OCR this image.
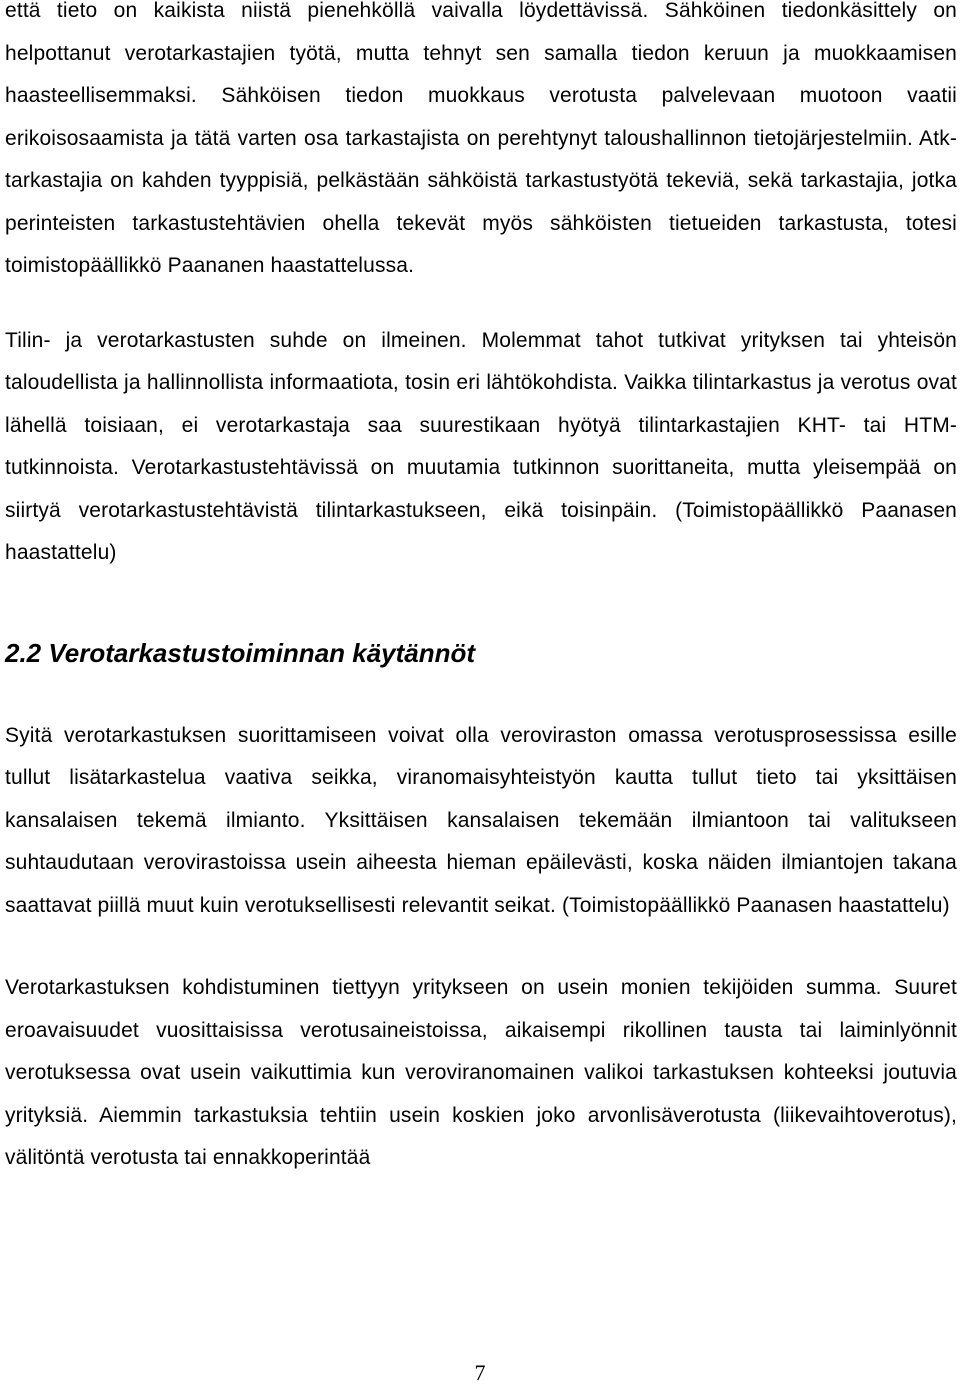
että tieto on kaikista niistä pienehköllä vaivalla löydettävissä. Sähköinen tiedonkäsittely on helpottanut verotarkastajien työtä, mutta tehnyt sen samalla tiedon keruun ja muokkaamisen haasteellisemmaksi. Sähköisen tiedon muokkaus verotusta palvelevaan muotoon vaatii erikoisosaamista ja tätä varten osa tarkastajista on perehtynyt taloushallinnon tietojärjestelmiin. Atk-tarkastajia on kahden tyyppisiä, pelkästään sähköistä tarkastustyötä tekeviä, sekä tarkastajia, jotka perinteisten tarkastustehtävien ohella tekevät myös sähköisten tietueiden tarkastusta, totesi toimistopäällikkö Paananen haastattelussa.

Tilin- ja verotarkastusten suhde on ilmeinen. Molemmat tahot tutkivat yrityksen tai yhteisön taloudellista ja hallinnollista informaatiota, tosin eri lähtökohdista. Vaikka tilintarkastus ja verotus ovat lähellä toisiaan, ei verotarkastaja saa suurestikaan hyötyä tilintarkastajien KHT- tai HTM- tutkinnoista. Verotarkastustehtävissä on muutamia tutkinnon suorittaneita, mutta yleisempää on siirtyä verotarkastustehtävistä tilintarkastukseen, eikä toisinpäin. (Toimistopäällikkö Paanasen haastattelu)

2.2 Verotarkastustoiminnan käytännöt

Syitä verotarkastuksen suorittamiseen voivat olla veroviraston omassa verotusprosessissa esille tullut lisätarkastelua vaativa seikka, viranomaisyhteistyön kautta tullut tieto tai yksittäisen kansalaisen tekemä ilmianto. Yksittäisen kansalaisen tekemään ilmiantoon tai valitukseen suhtaudutaan verovirastoissa usein aiheesta hieman epäilevästi, koska näiden ilmiantojen takana saattavat piillä muut kuin verotuksellisesti relevantit seikat. (Toimistopäällikkö Paanasen haastattelu)

Verotarkastuksen kohdistuminen tiettyyn yritykseen on usein monien tekijöiden summa. Suuret eroavaisuudet vuosittaisissa verotusaineistoissa, aikaisempi rikollinen tausta tai laiminlyönnit verotuksessa ovat usein vaikuttimia kun veroviranomainen valikoi tarkastuksen kohteeksi joutuvia yrityksiä. Aiemmin tarkastuksia tehtiin usein koskien joko arvonlisäverotusta (liikevaihtoverotus), välitöntä verotusta tai ennakkoperintää

7
